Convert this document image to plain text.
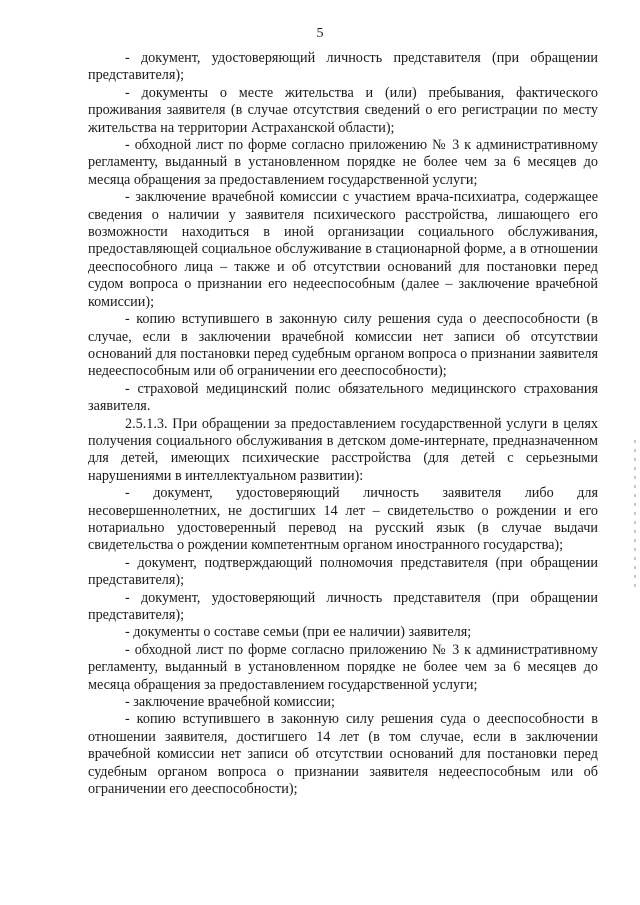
5

- документ, удостоверяющий личность представителя (при обращении представителя);

- документы о месте жительства и (или) пребывания, фактического проживания заявителя (в случае отсутствия сведений о его регистрации по месту жительства на территории Астраханской области);

- обходной лист по форме согласно приложению № 3 к административному регламенту, выданный в установленном порядке не более чем за 6 месяцев до месяца обращения за предоставлением государственной услуги;

- заключение врачебной комиссии с участием врача-психиатра, содержащее сведения о наличии у заявителя психического расстройства, лишающего его возможности находиться в иной организации социального обслуживания, предоставляющей социальное обслуживание в стационарной форме, а в отношении дееспособного лица – также и об отсутствии оснований для постановки перед судом вопроса о признании его недееспособным (далее – заключение врачебной комиссии);

- копию вступившего в законную силу решения суда о дееспособности (в случае, если в заключении врачебной комиссии нет записи об отсутствии оснований для постановки перед судебным органом вопроса о признании заявителя недееспособным или об ограничении его дееспособности);

- страховой медицинский полис обязательного медицинского страхования заявителя.

2.5.1.3. При обращении за предоставлением государственной услуги в целях получения социального обслуживания в детском доме-интернате, предназначенном для детей, имеющих психические расстройства (для детей с серьезными нарушениями в интеллектуальном развитии):

- документ, удостоверяющий личность заявителя либо для несовершеннолетних, не достигших 14 лет – свидетельство о рождении и его нотариально удостоверенный перевод на русский язык (в случае выдачи свидетельства о рождении компетентным органом иностранного государства);

- документ, подтверждающий полномочия представителя (при обращении представителя);

- документ, удостоверяющий личность представителя (при обращении представителя);

- документы о составе семьи (при ее наличии) заявителя;

- обходной лист по форме согласно приложению № 3 к административному регламенту, выданный в установленном порядке не более чем за 6 месяцев до месяца обращения за предоставлением государственной услуги;

- заключение врачебной комиссии;

- копию вступившего в законную силу решения суда о дееспособности в отношении заявителя, достигшего 14 лет (в том случае, если в заключении врачебной комиссии нет записи об отсутствии оснований для постановки перед судебным органом вопроса о признании заявителя недееспособным или об ограничении его дееспособности);
